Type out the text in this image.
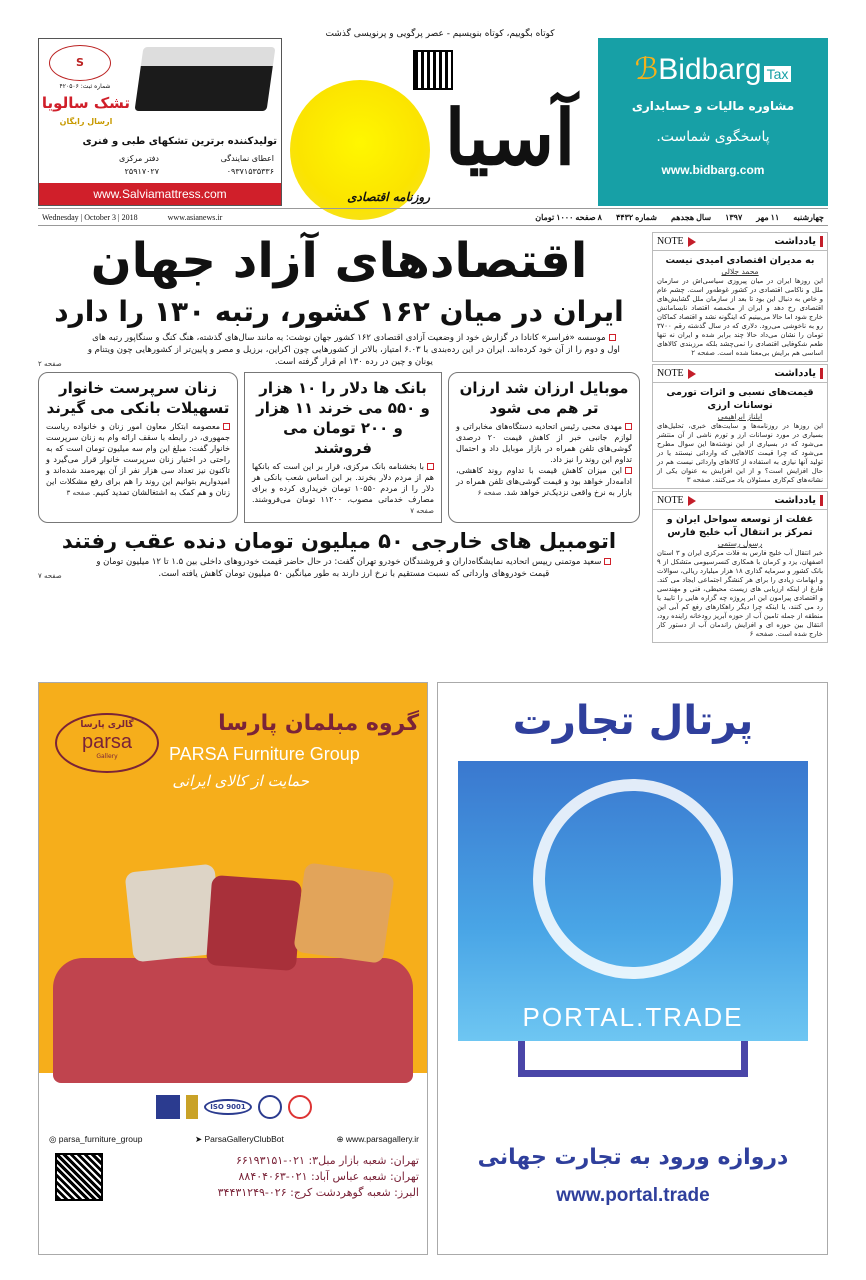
S
شماره ثبت: ۴۲۰۵۰۶
تشک سالویا
ارسال رایگان
تولیدکننده برترین تشکهای طبی و فنری
اعطای نمایندگی
۰۹۳۷۱۵۳۵۳۳۶
دفتر مرکزی
۲۵۹۱۷۰۲۷
www.Salviamattress.com
کوتاه بگوییم، کوتاه بنویسیم - عصر پرگویی و پرنویسی گذشت
آسیا
روزنامه اقتصادی
ℬBidbarg Tax
مشاوره مالیات و حسابداری
پاسخگوی شماست.
www.bidbarg.com
Wednesday | October 3 | 2018	www.asianews.ir	چهارشنبه
۱۱ مهر
۱۳۹۷
سال هجدهم
شماره ۴۴۳۲
۸ صفحه ۱۰۰۰ تومان
اقتصادهای آزاد جهان
ایران در میان ۱۶۲ کشور، رتبه ۱۳۰ را دارد
صفحه ۲
موسسه «فراسر» کانادا در گزارش خود از وضعیت آزادی اقتصادی ۱۶۲ کشور جهان نوشت: به مانند سال‌های گذشته، هنگ کنگ و سنگاپور رتبه های اول و دوم را از آن خود کرده‌اند. ایران در این رده‌بندی با ۶.۰۳ امتیاز، بالاتر از کشورهایی چون اکراین، برزیل و مصر و پایین‌تر از کشورهایی چون ویتنام و یونان و چین در رده ۱۳۰ ام قرار گرفته است.
موبایل ارزان شد ارزان تر هم می شود

مهدی محبی رئیس اتحادیه دستگاه‌های مخابراتی و لوازم جانبی خبر از کاهش قیمت ۲۰ درصدی گوشی‌های تلفن همراه در بازار موبایل داد و احتمال تداوم این روند را نیز داد.
این میزان کاهش قیمت با تداوم روند کاهشی، ادامه‌دار خواهد بود و قیمت گوشی‌های تلفن همراه در بازار به نرخ واقعی نزدیک‌تر خواهد شد. صفحه ۶

بانک ها دلار را ۱۰ هزار و ۵۵۰ می خرند ۱۱ هزار و ۲۰۰ تومان می فروشند

با بخشنامه بانک مرکزی، قرار بر این است که بانکها هم از مردم دلار بخرند. بر این اساس شعب بانکی هر دلار را از مردم ۱۰۵۵۰ تومان خریداری کرده و برای مصارف خدماتی مصوب، ۱۱۲۰۰ تومان می‌فروشند. صفحه ۷

زنان سرپرست خانوار تسهیلات بانکی می گیرند

معصومه ابتکار معاون امور زنان و خانواده ریاست جمهوری، در رابطه با سقف ارائه وام به زنان سرپرست خانوار گفت: مبلغ این وام سه میلیون تومان است که به راحتی در اختیار زنان سرپرست خانوار قرار می‌گیرد و تاکنون نیز تعداد سی هزار نفر از آن بهره‌مند شده‌اند و امیدواریم بتوانیم این روند را هم برای رفع مشکلات این زنان و هم کمک به اشتغالشان تمدید کنیم. صفحه ۳

اتومبیل های خارجی ۵۰ میلیون تومان دنده عقب رفتند
صفحه ۷
سعید موتمنی رییس اتحادیه نمایشگاه‌داران و فروشندگان خودرو تهران گفت: در حال حاضر قیمت خودروهای داخلی بین ۱.۵ تا ۱۲ میلیون تومان و قیمت خودروهای وارداتی که نسبت مستقیم با نرخ ارز دارند به طور میانگین ۵۰ میلیون تومان کاهش یافته است.
یادداشت
NOTE
به مدیران اقتصادی امیدی نیست
محمد جلالی

این روزها ایران در میان پیروزی سیاسی‌اش در سازمان ملل و ناکامی اقتصادی در کشور غوطه‌ور است. چشم عام و خاص به دنبال این بود تا بعد از سازمان ملل گشایش‌های اقتصادی رخ دهد و ایران از مخمصه اقتصاد نابسامانش خارج شود اما حالا می‌بینیم که اینگونه نشد و اقتصاد کماکان رو به ناخوشی می‌رود. دلاری که در سال گذشته رقم ۳۷۰۰ تومان را نشان می‌داد حالا چند برابر شده و ایران نه تنها طعم شکوفایی اقتصادی را نمی‌چشد بلکه مرزبندی کالاهای اساسی هم برایش بی‌معنا شده است. صفحه ۲

یادداشت
NOTE
قیمت‌های نسبی و اثرات تورمی نوسانات ارزی
ایلناز ابراهیمی

این روزها در روزنامه‌ها و سایت‌های خبری، تحلیل‌های بسیاری در مورد نوسانات ارز و تورم ناشی از آن منتشر می‌شود که در بسیاری از این نوشته‌ها این سوال مطرح می‌شود که چرا قیمت کالاهایی که وارداتی نیستند یا در تولید آنها نیازی به استفاده از کالاهای وارداتی نیست هم در حال افزایش است؟ و از این افزایش به عنوان یکی از نشانه‌های کم‌کاری مسئولان یاد می‌کنند. صفحه ۳

یادداشت
NOTE
غفلت از توسعه سواحل ایران و تمرکز بر انتقال آب خلیج فارس
رسول رستمی

خبر انتقال آب خلیج فارس به فلات مرکزی ایران و ۳ استان اصفهان، یزد و کرمان با همکاری کنسرسیومی متشکل از ۹ بانک کشور و سرمایه گذاری ۱۸ هزار میلیارد ریالی، سوالات و ابهامات زیادی را برای هر کنشگر اجتماعی ایجاد می کند. فارغ از اینکه ارزیابی های زیست محیطی، فنی و مهندسی و اقتصادی پیرامون این ابر پروژه چه گزاره هایی را تایید یا رد می کنند، یا اینکه چرا دیگر راهکارهای رفع کم آبی این منطقه از جمله تامین آب از حوزه آبریز رودخانه زاینده رود، انتقال بین حوزه ای و افزایش راندمان آب از دستور کار خارج شده است. صفحه ۶

گالری پارسا
parsa
Gallery
گروه مبلمان پارسا
PARSA Furniture Group
حمایت از کالای ایرانی
ISO 9001
◎ parsa_furniture_group	➤ ParsaGalleryClubBot	⊕ www.parsagallery.ir
تهران: شعبه بازار مبل۳: ۰۲۱-۶۶۱۹۳۱۵۱
تهران: شعبه عباس آباد: ۰۲۱-۸۸۴۰۴۰۶۳
البرز: شعبه گوهردشت کرج: ۰۲۶-۳۴۴۳۱۲۴۹
پرتال تجارت
PORTAL.TRADE
دروازه ورود به تجارت جهانی
www.portal.trade
